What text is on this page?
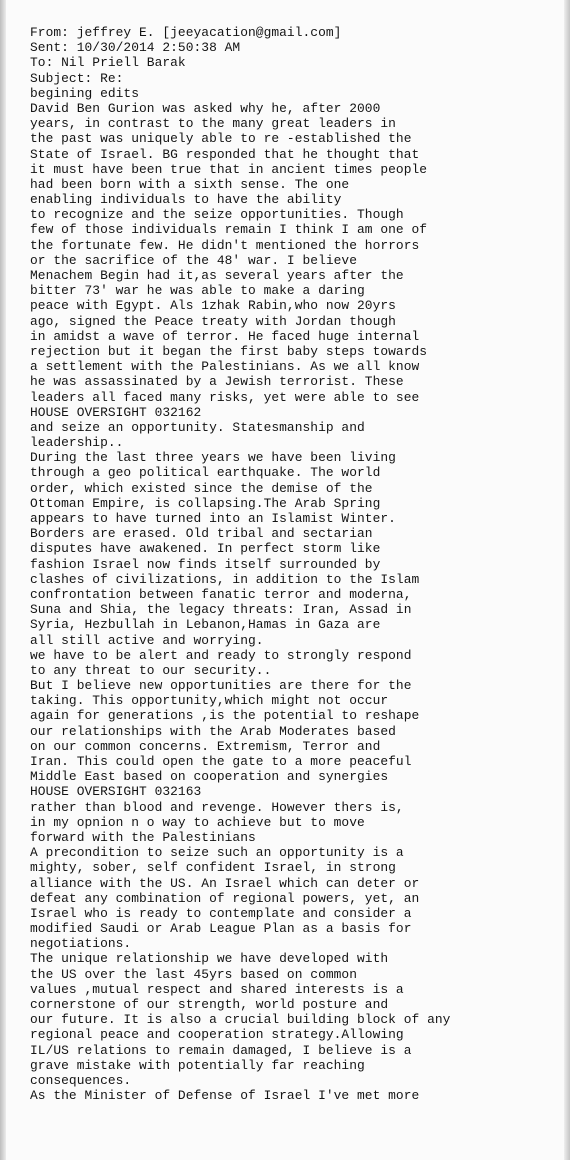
From: jeffrey E. [jeeyacation@gmail.com]
Sent: 10/30/2014 2:50:38 AM
To: Nil Priell Barak
Subject: Re:
begining edits
David Ben Gurion was asked why he, after 2000
years, in contrast to the many great leaders in
the past was uniquely able to re -established the
State of Israel. BG responded that he thought that
it must have been true that in ancient times people
had been born with a sixth sense. The one
enabling individuals to have the ability
to recognize and the seize opportunities. Though
few of those individuals remain I think I am one of
the fortunate few. He didn't mentioned the horrors
or the sacrifice of the 48' war. I believe
Menachem Begin had it,as several years after the
bitter 73' war he was able to make a daring
peace with Egypt. Als 1zhak Rabin,who now 20yrs
ago, signed the Peace treaty with Jordan though
in amidst a wave of terror. He faced huge internal
rejection but it began the first baby steps towards
a settlement with the Palestinians. As we all know
he was assassinated by a Jewish terrorist. These
leaders all faced many risks, yet were able to see
HOUSE OVERSIGHT 032162
and seize an opportunity. Statesmanship and
leadership..
During the last three years we have been living
through a geo political earthquake. The world
order, which existed since the demise of the
Ottoman Empire, is collapsing.The Arab Spring
appears to have turned into an Islamist Winter.
Borders are erased. Old tribal and sectarian
disputes have awakened. In perfect storm like
fashion Israel now finds itself surrounded by
clashes of civilizations, in addition to the Islam
confrontation between fanatic terror and moderna,
Suna and Shia, the legacy threats: Iran, Assad in
Syria, Hezbullah in Lebanon,Hamas in Gaza are
all still active and worrying.
we have to be alert and ready to strongly respond
to any threat to our security..
But I believe new opportunities are there for the
taking. This opportunity,which might not occur
again for generations ,is the potential to reshape
our relationships with the Arab Moderates based
on our common concerns. Extremism, Terror and
Iran. This could open the gate to a more peaceful
Middle East based on cooperation and synergies
HOUSE OVERSIGHT 032163
rather than blood and revenge. However thers is,
in my opnion n o way to achieve but to move
forward with the Palestinians
A precondition to seize such an opportunity is a
mighty, sober, self confident Israel, in strong
alliance with the US. An Israel which can deter or
defeat any combination of regional powers, yet, an
Israel who is ready to contemplate and consider a
modified Saudi or Arab League Plan as a basis for
negotiations.
The unique relationship we have developed with
the US over the last 45yrs based on common
values ,mutual respect and shared interests is a
cornerstone of our strength, world posture and
our future. It is also a crucial building block of any
regional peace and cooperation strategy.Allowing
IL/US relations to remain damaged, I believe is a
grave mistake with potentially far reaching
consequences.
As the Minister of Defense of Israel I've met more
